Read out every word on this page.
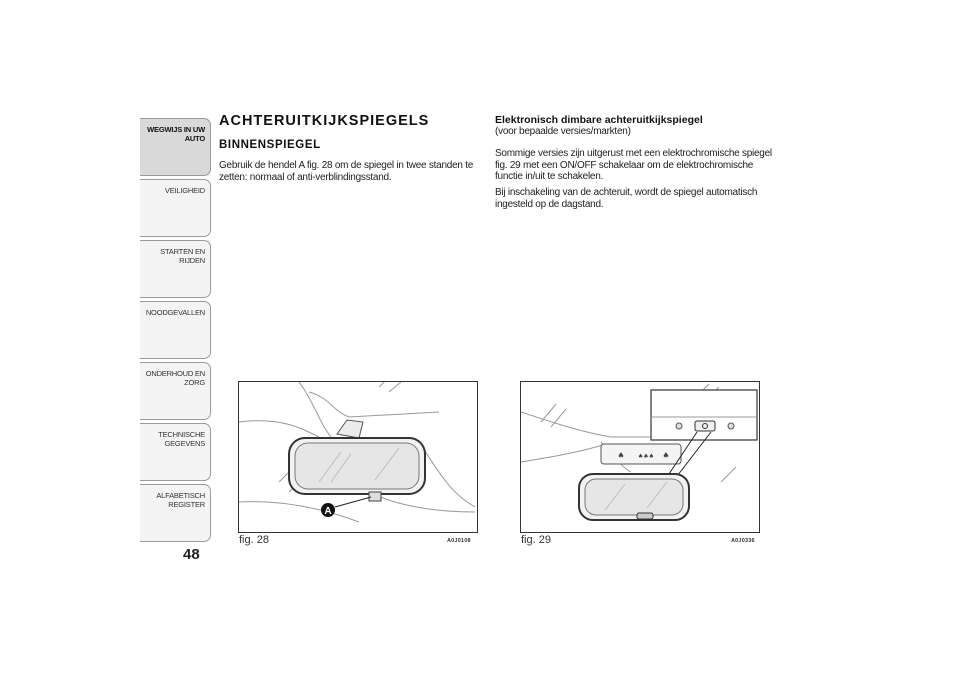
WEGWIJS IN UW AUTO
VEILIGHEID
STARTEN EN RIJDEN
NOODGEVALLEN
ONDERHOUD EN ZORG
TECHNISCHE GEGEVENS
ALFABETISCH REGISTER
48
ACHTERUITKIJKSPIEGELS
BINNENSPIEGEL
Gebruik de hendel A fig. 28 om de spiegel in twee standen te zetten: normaal of anti-verblindingsstand.
Elektronisch dimbare achteruitkijkspiegel
(voor bepaalde versies/markten)
Sommige versies zijn uitgerust met een elektrochromische spiegel fig. 29 met een ON/OFF schakelaar om de elektrochromische functie in/uit te schakelen.
Bij inschakeling van de achteruit, wordt de spiegel automatisch ingesteld op de dagstand.
A
fig. 28	A0J0108
♠ ♠♠♠ ♠
fig. 29	A0J0336
